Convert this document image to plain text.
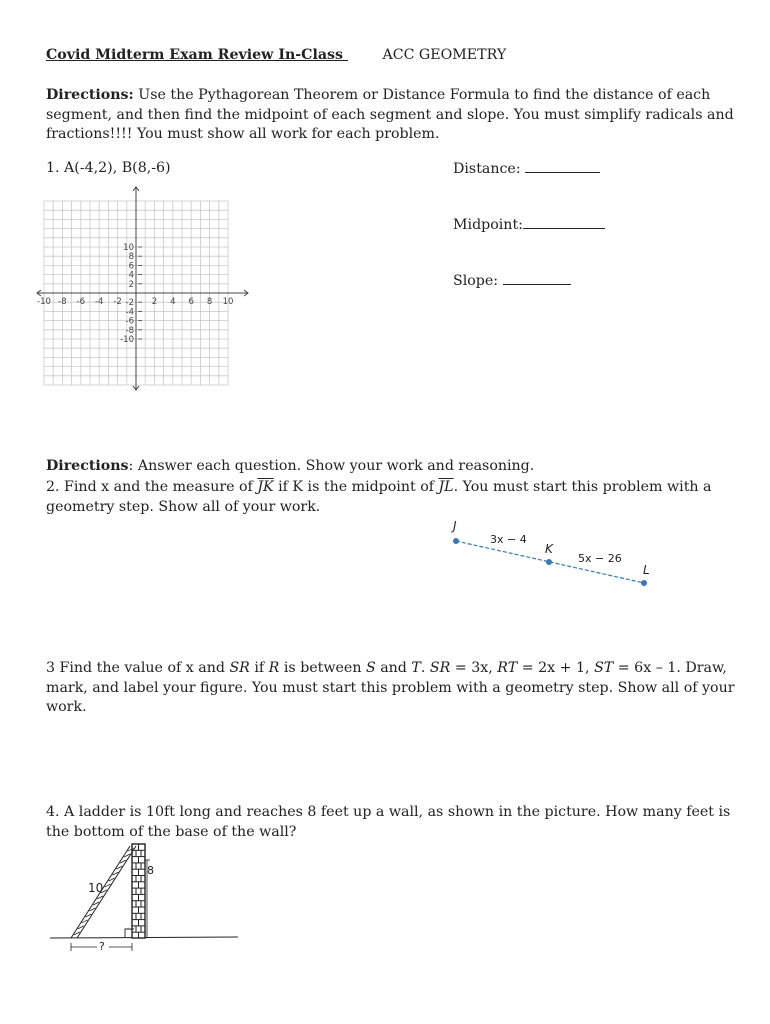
Covid Midterm Exam Review In-Class  ACC GEOMETRY
Directions: Use the Pythagorean Theorem or Distance Formula to find the distance of each
segment, and then find the midpoint of each segment and slope. You must simplify radicals and
fractions!!!! You must show all work for each problem.
1. A(-4,2), B(8,-6)	Distance:
Midpoint:
Slope:
10
8
6
4
2
-2
-4
-6
-8
-10
-10 -8 -6 -4 -2	2 4 6 8 10
Directions: Answer each question. Show your work and reasoning.
2. Find x and the measure of $\overline{JK}$ if K is the midpoint of $\overline{JL}$. You must start this problem with a
geometry step. Show all of your work.
J
K
L
3x − 4
5x − 26
3 Find the value of x and SR if R is between S and T. SR = 3x, RT = 2x + 1, ST = 6x – 1. Draw,
mark, and label your figure. You must start this problem with a geometry step. Show all of your
work.
4. A ladder is 10ft long and reaches 8 feet up a wall, as shown in the picture. How many feet is
the bottom of the base of the wall?
8
10
?
